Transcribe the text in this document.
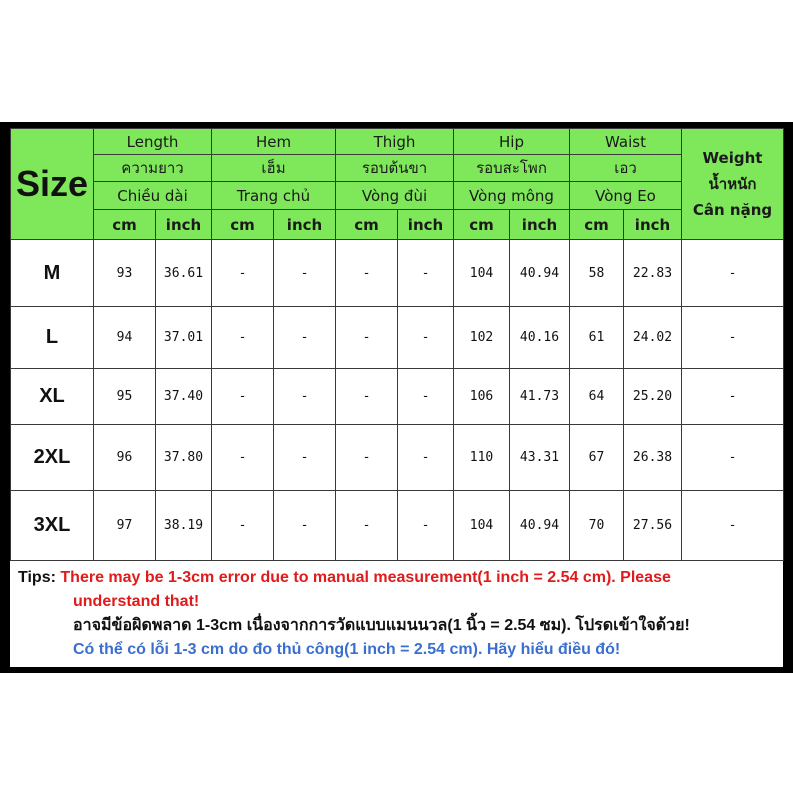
Size	Length		Hem		Thigh		Hip		Waist		Weight
น้ำหนัก
Cân nặng

	ความยาว		เฮ็ม		รอบต้นขา		รอบสะโพก		เอว		
	Chiều dài		Trang chủ		Vòng đùi		Vòng mông		Vòng Eo		
	cm	inch	cm	inch	cm	inch	cm	inch	cm	inch	
M	93	36.61	-	-	-	-	104	40.94	58	22.83	-
L	94	37.01	-	-	-	-	102	40.16	61	24.02	-
XL	95	37.40	-	-	-	-	106	41.73	64	25.20	-
2XL	96	37.80	-	-	-	-	110	43.31	67	26.38	-
3XL	97	38.19	-	-	-	-	104	40.94	70	27.56	-
Tips: There may be 1-3cm error due to manual measurement(1 inch = 2.54 cm). Please
understand that!
อาจมีข้อผิดพลาด 1-3cm เนื่องจากการวัดแบบแมนนวล(1 นิ้ว = 2.54 ซม). โปรดเข้าใจด้วย!
Có thể có lỗi 1-3 cm do đo thủ công(1 inch = 2.54 cm). Hãy hiểu điều đó!
